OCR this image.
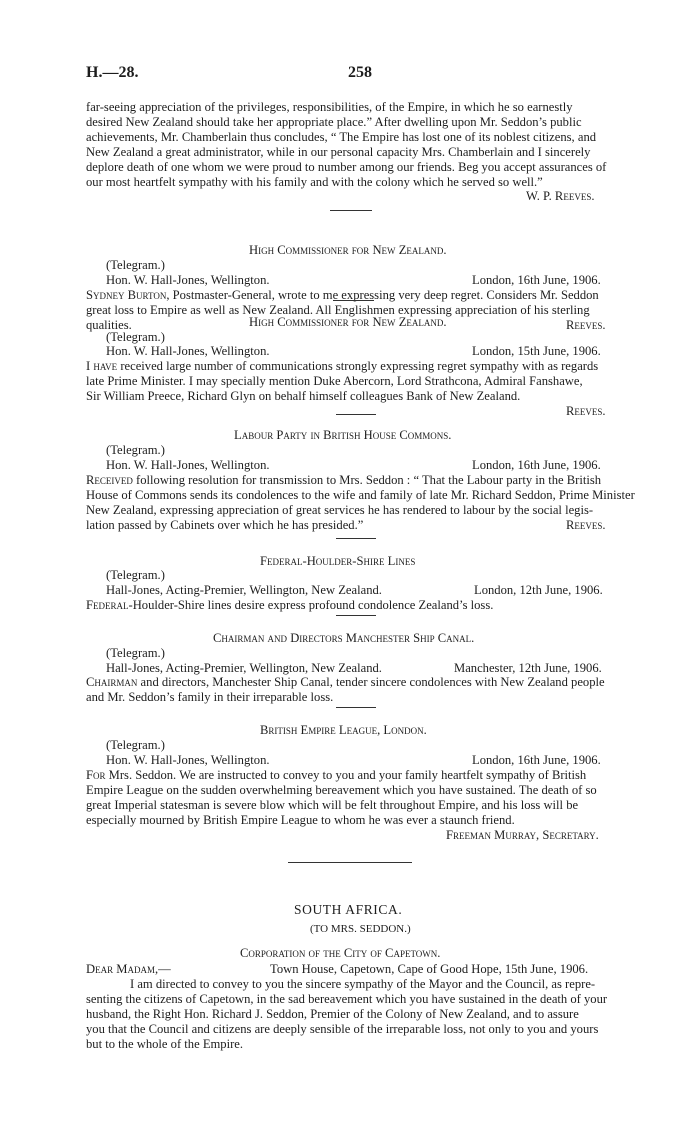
H.—28.	258
far-seeing appreciation of the privileges, responsibilities, of the Empire, in which he so earnestly
desired New Zealand should take her appropriate place.” After dwelling upon Mr. Seddon’s public
achievements, Mr. Chamberlain thus concludes, “ The Empire has lost one of its noblest citizens, and
New Zealand a great administrator, while in our personal capacity Mrs. Chamberlain and I sincerely
deplore death of one whom we were proud to number among our friends. Beg you accept assurances of
our most heartfelt sympathy with his family and with the colony which he served so well.”
W. P. Reeves.
High Commissioner for New Zealand.
(Telegram.)
Hon. W. Hall-Jones, Wellington.	London, 16th June, 1906.
Sydney Burton, Postmaster-General, wrote to me expressing very deep regret. Considers Mr. Seddon
great loss to Empire as well as New Zealand. All Englishmen expressing appreciation of his sterling
qualities.	Reeves.
High Commissioner for New Zealand.
(Telegram.)
Hon. W. Hall-Jones, Wellington.	London, 15th June, 1906.
I have received large number of communications strongly expressing regret sympathy with as regards
late Prime Minister. I may specially mention Duke Abercorn, Lord Strathcona, Admiral Fanshawe,
Sir William Preece, Richard Glyn on behalf himself colleagues Bank of New Zealand.
Reeves.
Labour Party in British House Commons.
(Telegram.)
Hon. W. Hall-Jones, Wellington.	London, 16th June, 1906.
Received following resolution for transmission to Mrs. Seddon : “ That the Labour party in the British
House of Commons sends its condolences to the wife and family of late Mr. Richard Seddon, Prime Minister
New Zealand, expressing appreciation of great services he has rendered to labour by the social legis-
lation passed by Cabinets over which he has presided.”	Reeves.
Federal-Houlder-Shire Lines
(Telegram.)
Hall-Jones, Acting-Premier, Wellington, New Zealand.	London, 12th June, 1906.
Federal-Houlder-Shire lines desire express profound condolence Zealand’s loss.
Chairman and Directors Manchester Ship Canal.
(Telegram.)
Hall-Jones, Acting-Premier, Wellington, New Zealand.	Manchester, 12th June, 1906.
Chairman and directors, Manchester Ship Canal, tender sincere condolences with New Zealand people
and Mr. Seddon’s family in their irreparable loss.
British Empire League, London.
(Telegram.)
Hon. W. Hall-Jones, Wellington.	London, 16th June, 1906.
For Mrs. Seddon. We are instructed to convey to you and your family heartfelt sympathy of British
Empire League on the sudden overwhelming bereavement which you have sustained. The death of so
great Imperial statesman is severe blow which will be felt throughout Empire, and his loss will be
especially mourned by British Empire League to whom he was ever a staunch friend.
Freeman Murray, Secretary.
SOUTH AFRICA.
(TO MRS. SEDDON.)
Corporation of the City of Capetown.
Dear Madam,—	Town House, Capetown, Cape of Good Hope, 15th June, 1906.
I am directed to convey to you the sincere sympathy of the Mayor and the Council, as repre-
senting the citizens of Capetown, in the sad bereavement which you have sustained in the death of your
husband, the Right Hon. Richard J. Seddon, Premier of the Colony of New Zealand, and to assure
you that the Council and citizens are deeply sensible of the irreparable loss, not only to you and yours
but to the whole of the Empire.
